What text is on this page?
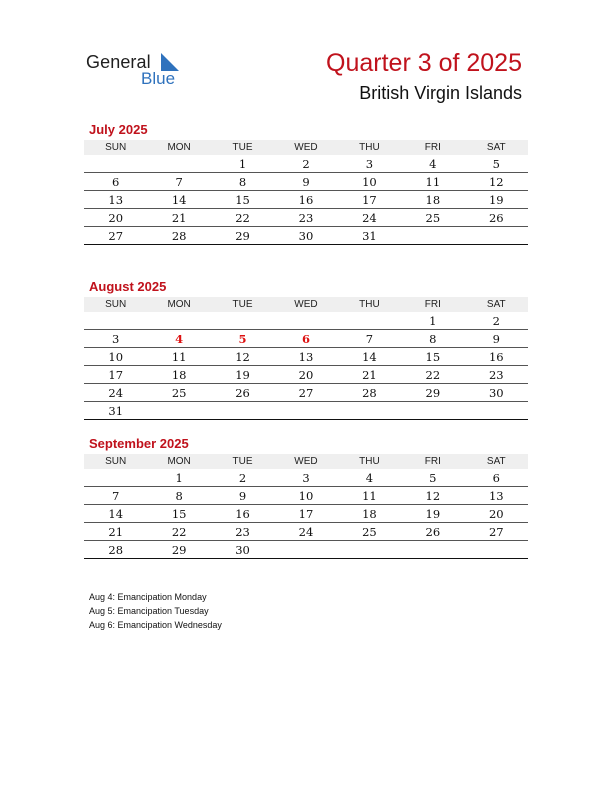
General
Blue
Quarter 3 of 2025
British Virgin Islands
July 2025
SUN	MON	TUE	WED	THU	FRI	SAT
		1	2	3	4	5
6	7	8	9	10	11	12
13	14	15	16	17	18	19
20	21	22	23	24	25	26
27	28	29	30	31		
August 2025
SUN	MON	TUE	WED	THU	FRI	SAT
					1	2
3	4	5	6	7	8	9
10	11	12	13	14	15	16
17	18	19	20	21	22	23
24	25	26	27	28	29	30
31						
September 2025
SUN	MON	TUE	WED	THU	FRI	SAT
	1	2	3	4	5	6
7	8	9	10	11	12	13
14	15	16	17	18	19	20
21	22	23	24	25	26	27
28	29	30				
Aug 4: Emancipation Monday
Aug 5: Emancipation Tuesday
Aug 6: Emancipation Wednesday
